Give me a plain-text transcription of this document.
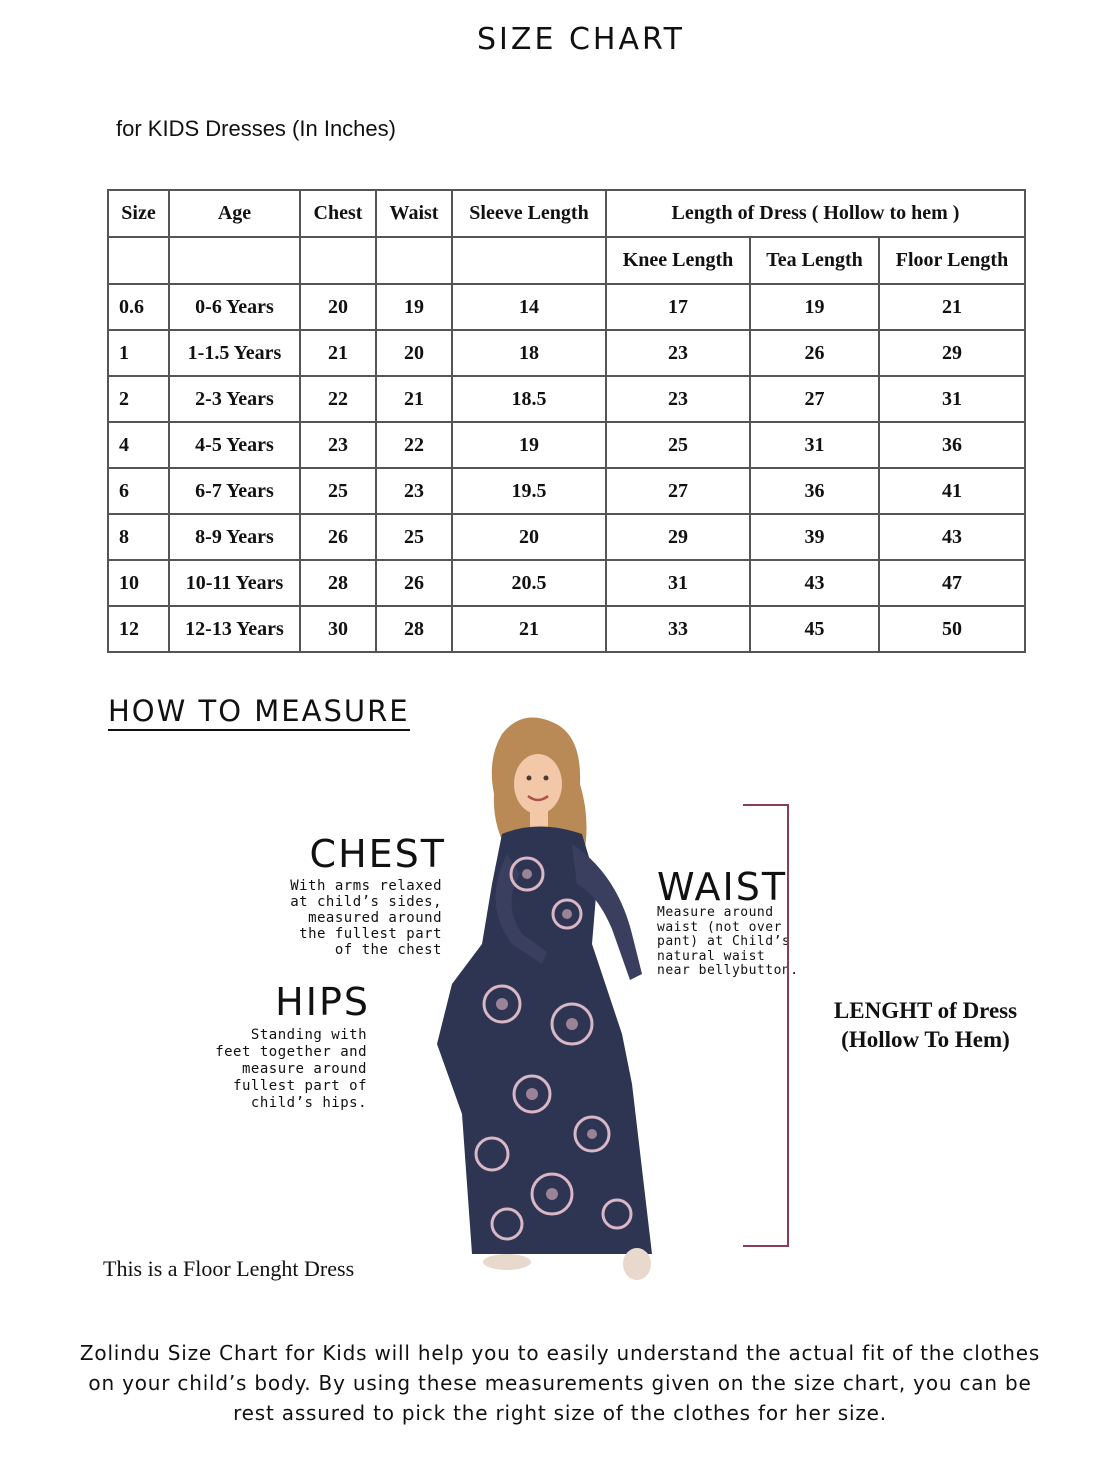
SIZE CHART
for KIDS Dresses (In Inches)
Size	Age	Chest	Waist	Sleeve Length	Length of Dress ( Hollow to hem )		
					Knee Length	Tea Length	Floor Length
0.6	0-6 Years	20	19	14	17	19	21
1	1-1.5 Years	21	20	18	23	26	29
2	2-3 Years	22	21	18.5	23	27	31
4	4-5 Years	23	22	19	25	31	36
6	6-7 Years	25	23	19.5	27	36	41
8	8-9 Years	26	25	20	29	39	43
10	10-11 Years	28	26	20.5	31	43	47
12	12-13 Years	30	28	21	33	45	50
HOW TO MEASURE
CHEST
With arms relaxed
at child’s sides,
measured around
the fullest part
of the chest
WAIST
Measure around
waist (not over
pant) at Child’s
natural waist
near bellybutton.
HIPS
Standing with
feet together and
measure around
fullest part of
child’s hips.
LENGHT of Dress
(Hollow To Hem)
This is a Floor Lenght Dress
Zolindu Size Chart for Kids will help you to easily understand the actual fit of the clothes
on your child’s body. By using these measurements given on the size chart, you can be
rest assured to pick the right size of the clothes for her size.
